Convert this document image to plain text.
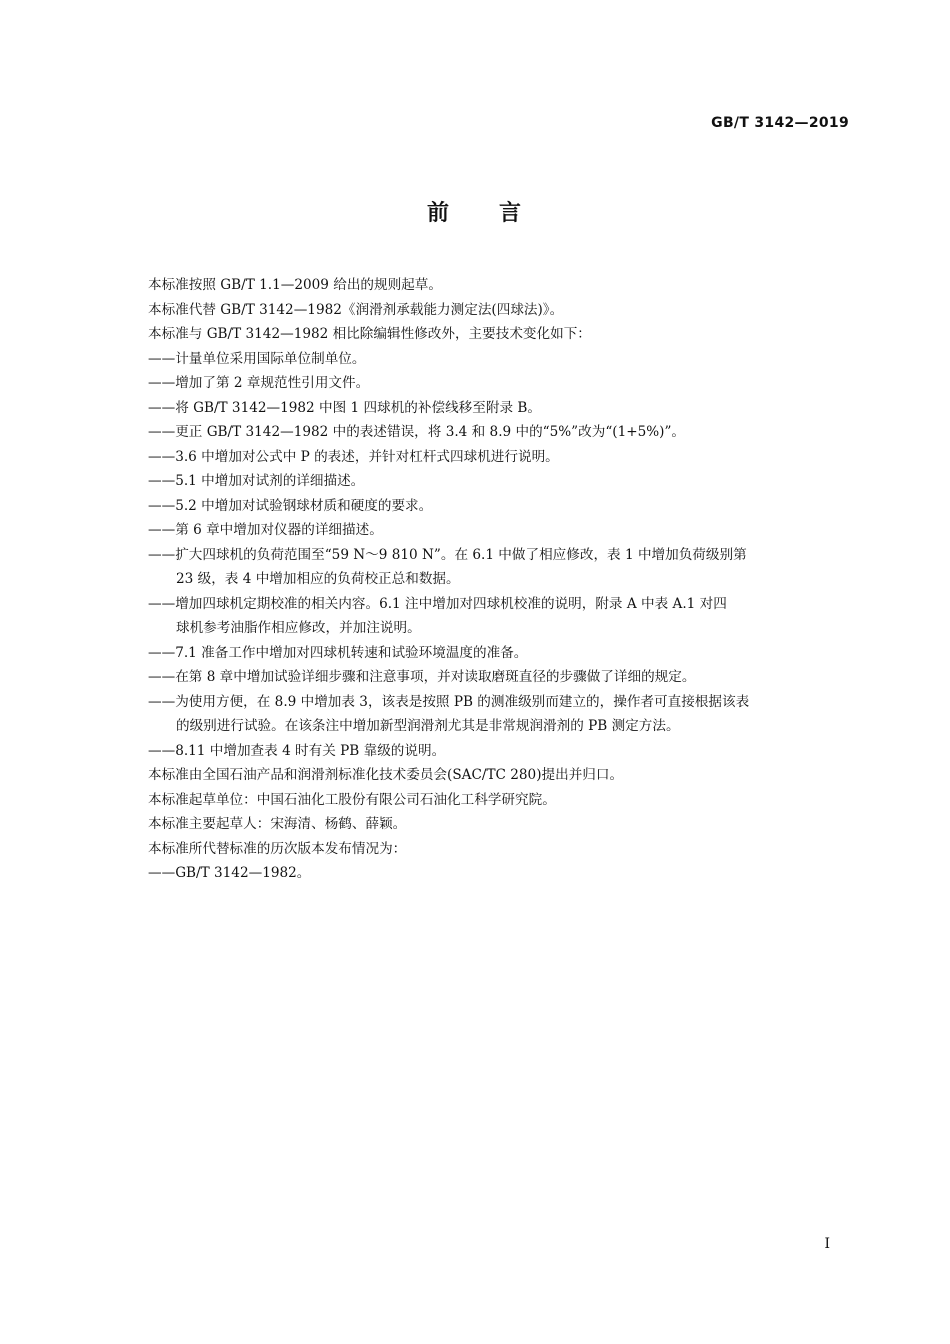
GB/T 3142—2019
前　　言
本标准按照 GB/T 1.1—2009 给出的规则起草。
本标准代替 GB/T 3142—1982《润滑剂承载能力测定法(四球法)》。
本标准与 GB/T 3142—1982 相比除编辑性修改外，主要技术变化如下：
——计量单位采用国际单位制单位。
——增加了第 2 章规范性引用文件。
——将 GB/T 3142—1982 中图 1 四球机的补偿线移至附录 B。
——更正 GB/T 3142—1982 中的表述错误，将 3.4 和 8.9 中的“5%”改为“(1+5%)”。
——3.6 中增加对公式中 P 的表述，并针对杠杆式四球机进行说明。
——5.1 中增加对试剂的详细描述。
——5.2 中增加对试验钢球材质和硬度的要求。
——第 6 章中增加对仪器的详细描述。
——扩大四球机的负荷范围至“59 N～9 810 N”。在 6.1 中做了相应修改，表 1 中增加负荷级别第
23 级，表 4 中增加相应的负荷校正总和数据。
——增加四球机定期校准的相关内容。6.1 注中增加对四球机校准的说明，附录 A 中表 A.1 对四
球机参考油脂作相应修改，并加注说明。
——7.1 准备工作中增加对四球机转速和试验环境温度的准备。
——在第 8 章中增加试验详细步骤和注意事项，并对读取磨斑直径的步骤做了详细的规定。
——为使用方便，在 8.9 中增加表 3，该表是按照 PB 的测准级别而建立的，操作者可直接根据该表
的级别进行试验。在该条注中增加新型润滑剂尤其是非常规润滑剂的 PB 测定方法。
——8.11 中增加查表 4 时有关 PB 靠级的说明。
本标准由全国石油产品和润滑剂标准化技术委员会(SAC/TC 280)提出并归口。
本标准起草单位：中国石油化工股份有限公司石油化工科学研究院。
本标准主要起草人：宋海清、杨鹤、薛颖。
本标准所代替标准的历次版本发布情况为：
——GB/T 3142—1982。
I
